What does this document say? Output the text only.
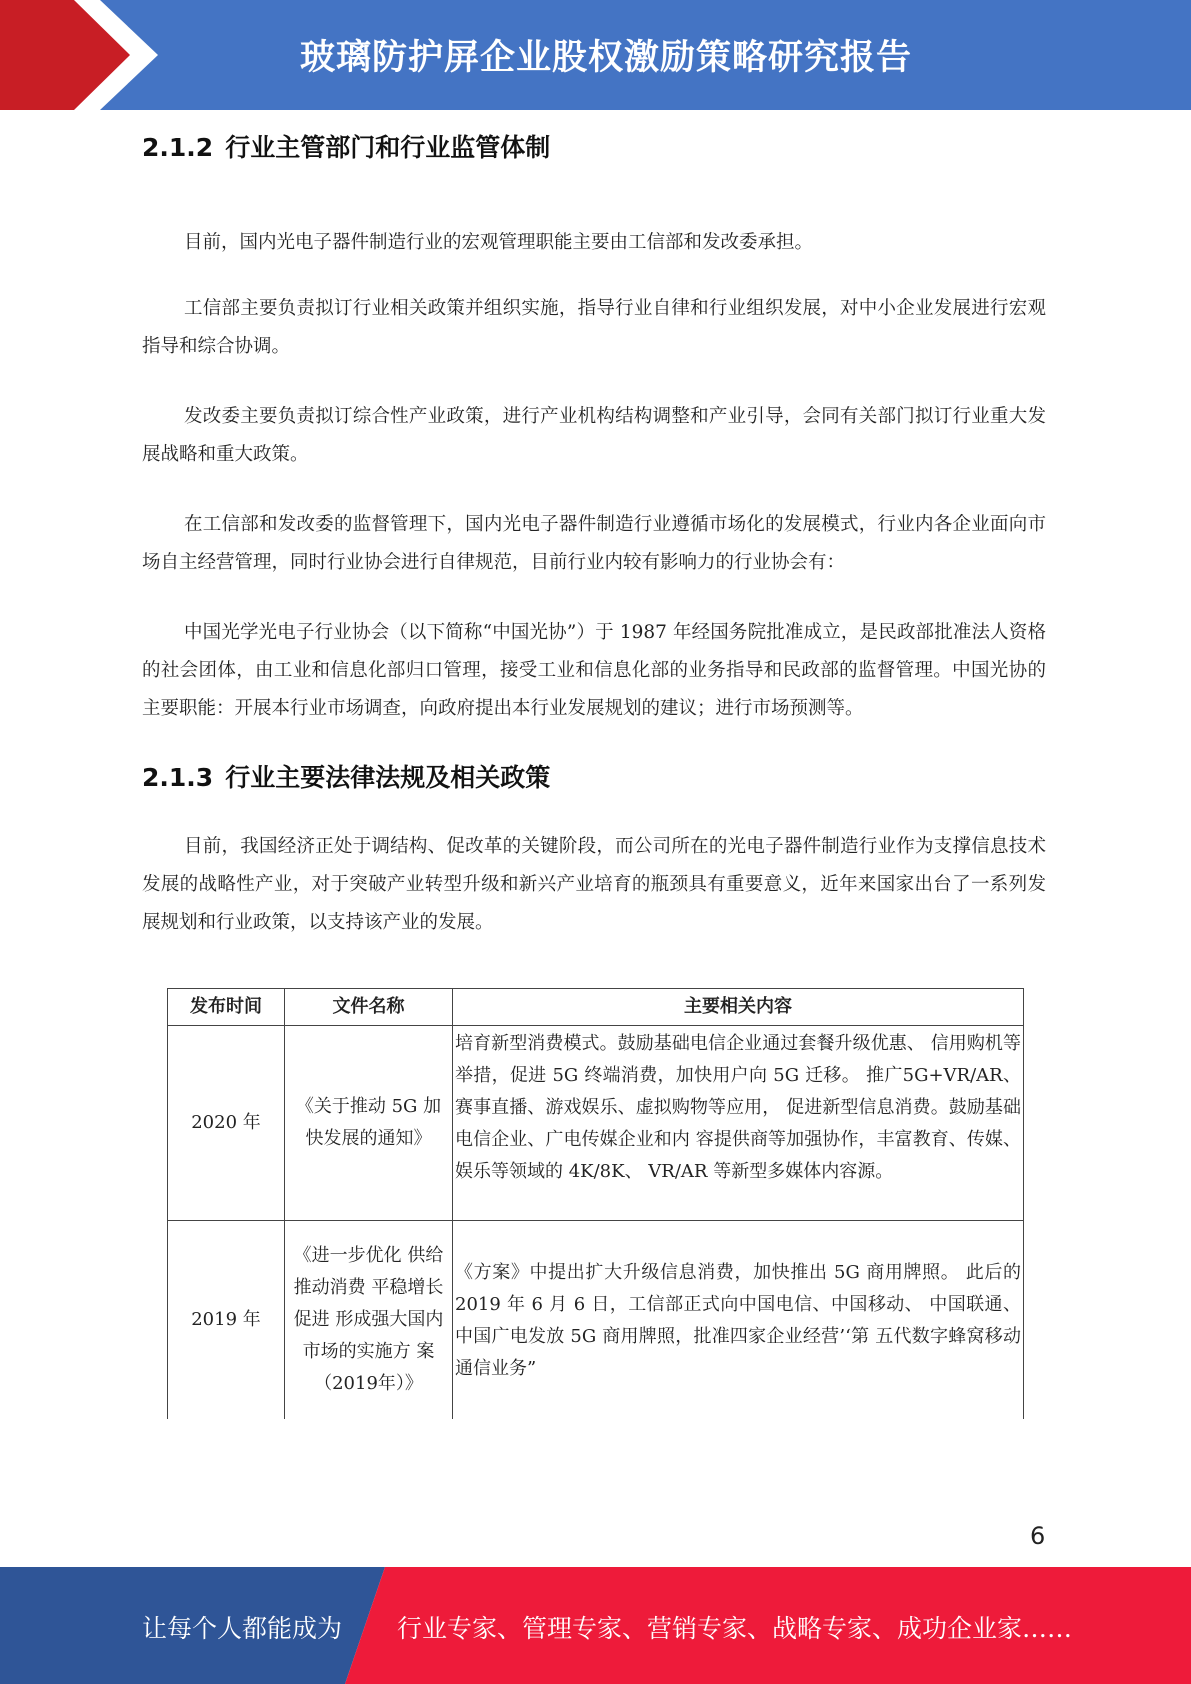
玻璃防护屏企业股权激励策略研究报告
2.1.2 行业主管部门和行业监管体制

目前，国内光电子器件制造行业的宏观管理职能主要由工信部和发改委承担。

工信部主要负责拟订行业相关政策并组织实施，指导行业自律和行业组织发展，对中小企业发展进行宏观指导和综合协调。

发改委主要负责拟订综合性产业政策，进行产业机构结构调整和产业引导，会同有关部门拟订行业重大发展战略和重大政策。

在工信部和发改委的监督管理下，国内光电子器件制造行业遵循市场化的发展模式，行业内各企业面向市场自主经营管理，同时行业协会进行自律规范，目前行业内较有影响力的行业协会有：

中国光学光电子行业协会（以下简称“中国光协”）于 1987 年经国务院批准成立，是民政部批准法人资格的社会团体，由工业和信息化部归口管理，接受工业和信息化部的业务指导和民政部的监督管理。中国光协的主要职能：开展本行业市场调查，向政府提出本行业发展规划的建议；进行市场预测等。

2.1.3 行业主要法律法规及相关政策

目前，我国经济正处于调结构、促改革的关键阶段，而公司所在的光电子器件制造行业作为支撑信息技术发展的战略性产业，对于突破产业转型升级和新兴产业培育的瓶颈具有重要意义，近年来国家出台了一系列发展规划和行业政策，以支持该产业的发展。

发布时间	文件名称	主要相关内容
2020 年	《关于推动 5G 加快发展的通知》	培育新型消费模式。鼓励基础电信企业通过套餐升级优惠、 信用购机等举措，促进 5G 终端消费，加快用户向 5G 迁移。 推广5G+VR/AR、赛事直播、游戏娱乐、虚拟购物等应用， 促进新型信息消费。鼓励基础电信企业、广电传媒企业和内 容提供商等加强协作，丰富教育、传媒、娱乐等领域的 4K/8K、 VR/AR 等新型多媒体内容源。
2019 年	《进一步优化 供给推动消费 平稳增长促进 形成强大国内 市场的实施方 案（2019年）》	《方案》中提出扩大升级信息消费，加快推出 5G 商用牌照。 此后的 2019 年 6 月 6 日，工信部正式向中国电信、中国移动、 中国联通、中国广电发放 5G 商用牌照，批准四家企业经营’‘第 五代数字蜂窝移动通信业务”
6
让每个人都能成为 行业专家、管理专家、营销专家、战略专家、成功企业家……
